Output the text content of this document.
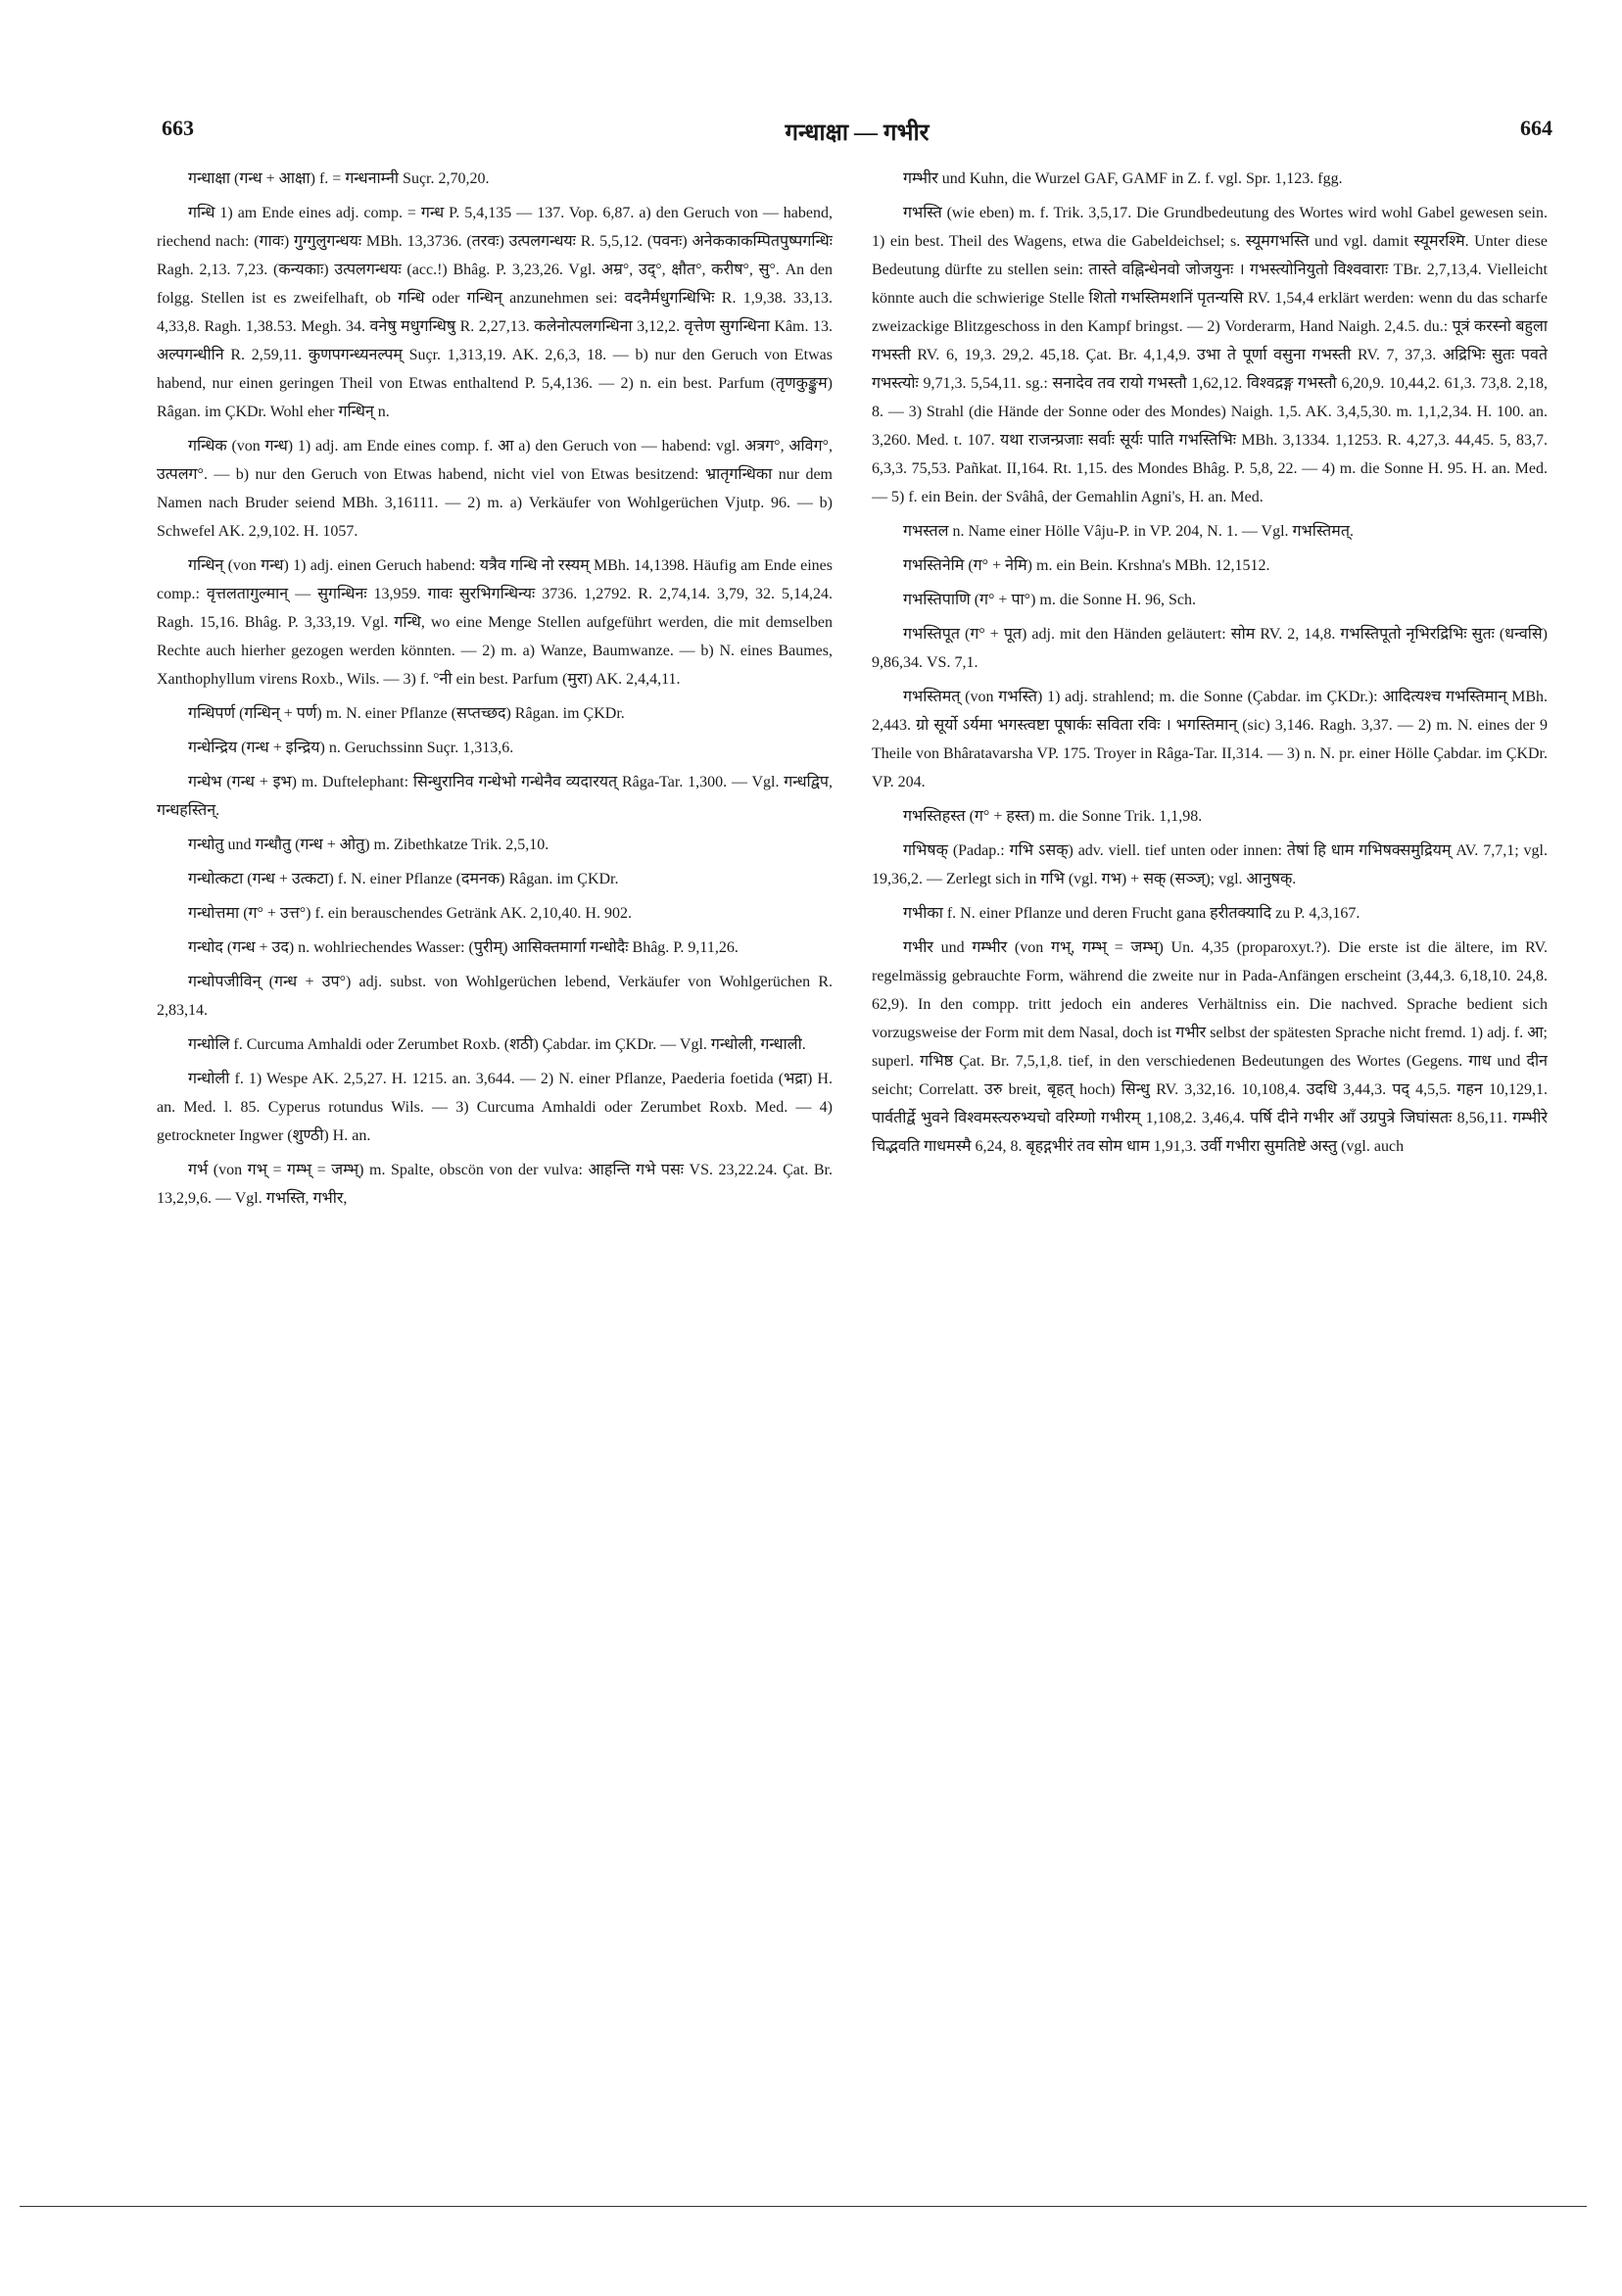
663	गन्धाक्षा — गभीर	664

गन्धाक्षा (गन्ध + आक्षा) f. = गन्धनाम्नी Suçr. 2,70,20.

गन्धि 1) am Ende eines adj. comp. = गन्ध P. 5,4,135 — 137. Vop. 6,87. a) den Geruch von — habend, riechend nach: (गावः) गुग्गुलुगन्धयः MBh. 13,3736. (तरवः) उत्पलगन्धयः R. 5,5,12. (पवनः) अनेककाकम्पितपुष्पगन्धिः Ragh. 2,13. 7,23. (कन्यकाः) उत्पलगन्धयः (acc.!) Bhâg. P. 3,23,26. Vgl. अम्र°, उद्°, क्षौत°, करीष°, सु°. An den folgg. Stellen ist es zweifelhaft, ob गन्धि oder गन्धिन् anzunehmen sei: वदनैर्मधुगन्धिभिः R. 1,9,38. 33,13. 4,33,8. Ragh. 1,38.53. Megh. 34. वनेषु मधुगन्धिषु R. 2,27,13. कलेनोत्पलगन्धिना 3,12,2. वृत्तेण सुगन्धिना Kâm. 13. अल्पगन्धीनि R. 2,59,11. कुणपगन्ध्यनल्पम् Suçr. 1,313,19. AK. 2,6,3, 18. — b) nur den Geruch von Etwas habend, nur einen geringen Theil von Etwas enthaltend P. 5,4,136. — 2) n. ein best. Parfum (तृणकुङ्कुम) Râgan. im ÇKDr. Wohl eher गन्धिन् n.

गन्धिक (von गन्ध) 1) adj. am Ende eines comp. f. आ a) den Geruch von — habend: vgl. अत्रग°, अविग°, उत्पलग°. — b) nur den Geruch von Etwas habend, nicht viel von Etwas besitzend: भ्रातृगन्धिका nur dem Namen nach Bruder seiend MBh. 3,16111. — 2) m. a) Verkäufer von Wohlgerüchen Vjutp. 96. — b) Schwefel AK. 2,9,102. H. 1057.

गन्धिन् (von गन्ध) 1) adj. einen Geruch habend: यत्रैव गन्धि नो रस्यम् MBh. 14,1398. Häufig am Ende eines comp.: वृत्तलतागुल्मान् — सुगन्धिनः 13,959. गावः सुरभिगन्धिन्यः 3736. 1,2792. R. 2,74,14. 3,79, 32. 5,14,24. Ragh. 15,16. Bhâg. P. 3,33,19. Vgl. गन्धि, wo eine Menge Stellen aufgeführt werden, die mit demselben Rechte auch hierher gezogen werden könnten. — 2) m. a) Wanze, Baumwanze. — b) N. eines Baumes, Xanthophyllum virens Roxb., Wils. — 3) f. °नी ein best. Parfum (मुरा) AK. 2,4,4,11.

गन्धिपर्ण (गन्धिन् + पर्ण) m. N. einer Pflanze (सप्तच्छद) Râgan. im ÇKDr.

गन्धेन्द्रिय (गन्ध + इन्द्रिय) n. Geruchssinn Suçr. 1,313,6.

गन्धेभ (गन्ध + इभ) m. Duftelephant: सिन्धुरानिव गन्धेभो गन्धेनैव व्यदारयत् Râga-Tar. 1,300. — Vgl. गन्धद्विप, गन्धहस्तिन्.

गन्धोतु und गन्धौतु (गन्ध + ओतु) m. Zibethkatze Trik. 2,5,10.

गन्धोत्कटा (गन्ध + उत्कटा) f. N. einer Pflanze (दमनक) Râgan. im ÇKDr.

गन्धोत्तमा (ग° + उत्त°) f. ein berauschendes Getränk AK. 2,10,40. H. 902.

गन्धोद (गन्ध + उद) n. wohlriechendes Wasser: (पुरीम्) आसिक्तमार्गा गन्धोदैः Bhâg. P. 9,11,26.

गन्धोपजीविन् (गन्ध + उप°) adj. subst. von Wohlgerüchen lebend, Verkäufer von Wohlgerüchen R. 2,83,14.

गन्धोलि f. Curcuma Amhaldi oder Zerumbet Roxb. (शठी) Çabdar. im ÇKDr. — Vgl. गन्धोली, गन्धाली.

गन्धोली f. 1) Wespe AK. 2,5,27. H. 1215. an. 3,644. — 2) N. einer Pflanze, Paederia foetida (भद्रा) H. an. Med. l. 85. Cyperus rotundus Wils. — 3) Curcuma Amhaldi oder Zerumbet Roxb. Med. — 4) getrockneter Ingwer (शुण्ठी) H. an.

गर्भ (von गभ् = गम्भ् = जम्भ्) m. Spalte, obscön von der vulva: आहन्ति गभे पसः VS. 23,22.24. Çat. Br. 13,2,9,6. — Vgl. गभस्ति, गभीर,

गम्भीर und Kuhn, die Wurzel GAF, GAMF in Z. f. vgl. Spr. 1,123. fgg.

गभस्ति (wie eben) m. f. Trik. 3,5,17. Die Grundbedeutung des Wortes wird wohl Gabel gewesen sein. 1) ein best. Theil des Wagens, etwa die Gabeldeichsel; s. स्यूमगभस्ति und vgl. damit स्यूमरश्मि. Unter diese Bedeutung dürfte zu stellen sein: तास्ते वह्निन्धेनवो जोजयुनः । गभस्त्योनियुतो विश्ववाराः TBr. 2,7,13,4. Vielleicht könnte auch die schwierige Stelle शितो गभस्तिमशनिं पृतन्यसि RV. 1,54,4 erklärt werden: wenn du das scharfe zweizackige Blitzgeschoss in den Kampf bringst. — 2) Vorderarm, Hand Naigh. 2,4.5. du.: पूत्रं करस्नो बहुला गभस्ती RV. 6, 19,3. 29,2. 45,18. Çat. Br. 4,1,4,9. उभा ते पूर्णा वसुना गभस्ती RV. 7, 37,3. अद्रिभिः सुतः पवते गभस्त्योः 9,71,3. 5,54,11. sg.: सनादेव तव रायो गभस्तौ 1,62,12. विश्वद्रङ्ग गभस्तौ 6,20,9. 10,44,2. 61,3. 73,8. 2,18, 8. — 3) Strahl (die Hände der Sonne oder des Mondes) Naigh. 1,5. AK. 3,4,5,30. m. 1,1,2,34. H. 100. an. 3,260. Med. t. 107. यथा राजन्प्रजाः सर्वाः सूर्यः पाति गभस्तिभिः MBh. 3,1334. 1,1253. R. 4,27,3. 44,45. 5, 83,7. 6,3,3. 75,53. Pañkat. II,164. Rt. 1,15. des Mondes Bhâg. P. 5,8, 22. — 4) m. die Sonne H. 95. H. an. Med. — 5) f. ein Bein. der Svâhâ, der Gemahlin Agni's, H. an. Med.

गभस्तल n. Name einer Hölle Vâju-P. in VP. 204, N. 1. — Vgl. गभस्तिमत्.

गभस्तिनेमि (ग° + नेमि) m. ein Bein. Krshna's MBh. 12,1512.

गभस्तिपाणि (ग° + पा°) m. die Sonne H. 96, Sch.

गभस्तिपूत (ग° + पूत) adj. mit den Händen geläutert: सोम RV. 2, 14,8. गभस्तिपूतो नृभिरद्रिभिः सुतः (धन्वसि) 9,86,34. VS. 7,1.

गभस्तिमत् (von गभस्ति) 1) adj. strahlend; m. die Sonne (Çabdar. im ÇKDr.): आदित्यश्च गभस्तिमान् MBh. 2,443. ग्रो सूर्यो ऽर्यमा भगस्त्वष्टा पूषार्कः सविता रविः । भगस्तिमान् (sic) 3,146. Ragh. 3,37. — 2) m. N. eines der 9 Theile von Bhâratavarsha VP. 175. Troyer in Râga-Tar. II,314. — 3) n. N. pr. einer Hölle Çabdar. im ÇKDr. VP. 204.

गभस्तिहस्त (ग° + हस्त) m. die Sonne Trik. 1,1,98.

गभिषक् (Padap.: गभि ऽसक्) adv. viell. tief unten oder innen: तेषां हि धाम गभिषक्समुद्रियम् AV. 7,7,1; vgl. 19,36,2. — Zerlegt sich in गभि (vgl. गभ) + सक् (सञ्ज्); vgl. आनुषक्.

गभीका f. N. einer Pflanze und deren Frucht gana हरीतक्यादि zu P. 4,3,167.

गभीर und गम्भीर (von गभ्, गम्भ् = जम्भ्) Un. 4,35 (proparoxyt.?). Die erste ist die ältere, im RV. regelmässig gebrauchte Form, während die zweite nur in Pada-Anfängen erscheint (3,44,3. 6,18,10. 24,8. 62,9). In den compp. tritt jedoch ein anderes Verhältniss ein. Die nachved. Sprache bedient sich vorzugsweise der Form mit dem Nasal, doch ist गभीर selbst der spätesten Sprache nicht fremd. 1) adj. f. आ; superl. गभिष्ठ Çat. Br. 7,5,1,8. tief, in den verschiedenen Bedeutungen des Wortes (Gegens. गाध und दीन seicht; Correlatt. उरु breit, बृहत् hoch) सिन्धु RV. 3,32,16. 10,108,4. उदधि 3,44,3. पद् 4,5,5. गहन 10,129,1. पार्वतीर्द्वे भुवने विश्वमस्त्यरुभ्यचो वरिम्णो गभीरम् 1,108,2. 3,46,4. पर्षि दीने गभीर आँ उग्रपुत्रे जिघांसतः 8,56,11. गम्भीरे चिद्भवति गाधमस्मै 6,24, 8. बृहद्गभीरं तव सोम धाम 1,91,3. उर्वी गभीरा सुमतिष्टे अस्तु (vgl. auch
